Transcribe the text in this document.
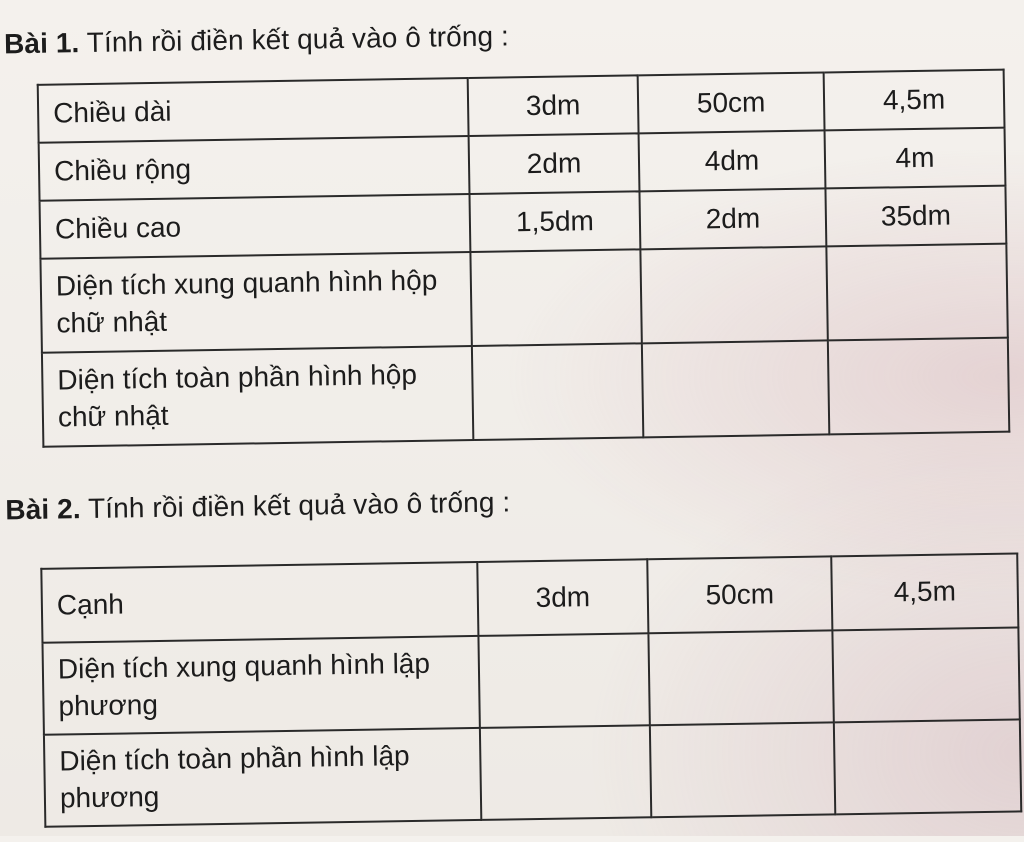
Bài 1. Tính rồi điền kết quả vào ô trống :
Chiều dài	3dm	50cm	4,5m
Chiều rộng	2dm	4dm	4m
Chiều cao	1,5dm	2dm	35dm
Diện tích xung quanh hình hộp chữ nhật			
Diện tích toàn phần hình hộp chữ nhật			
Bài 2. Tính rồi điền kết quả vào ô trống :
Cạnh	3dm	50cm	4,5m
Diện tích xung quanh hình lập phương			
Diện tích toàn phần hình lập phương			
